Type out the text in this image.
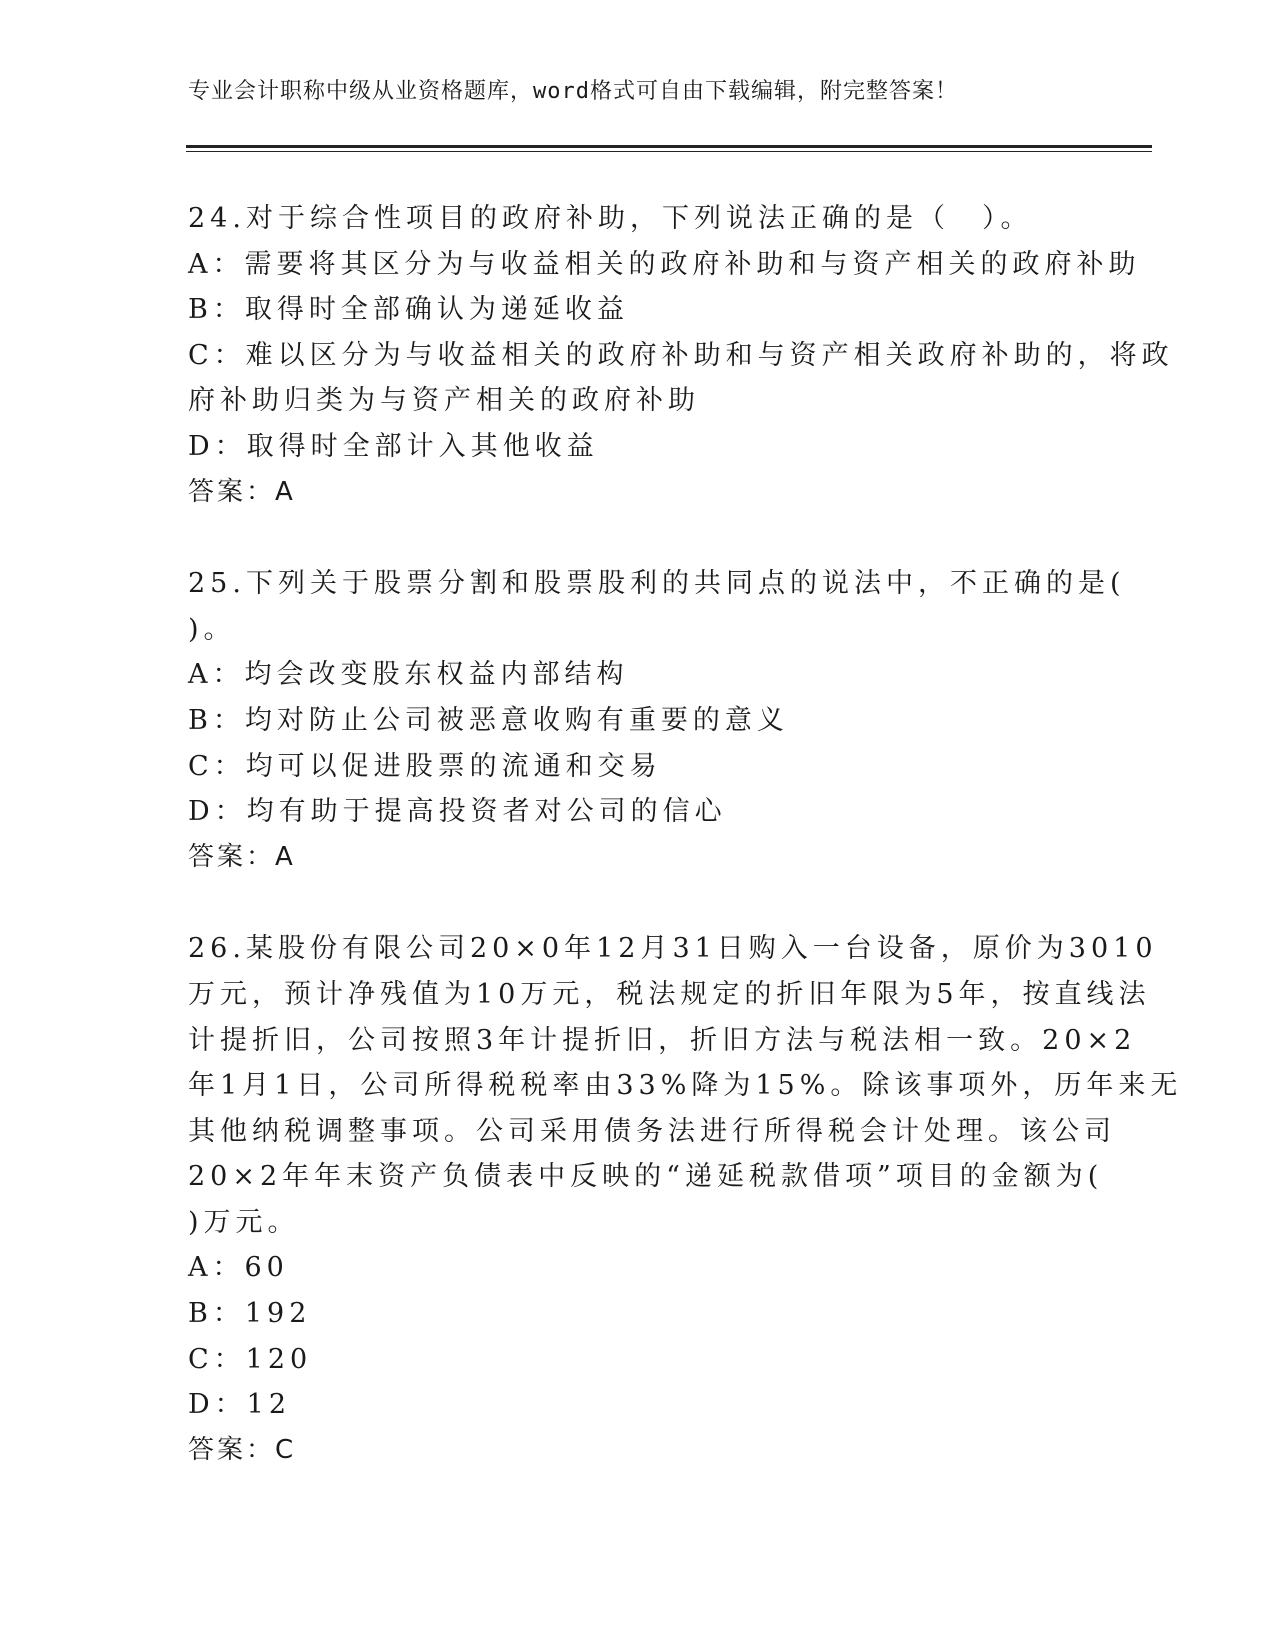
专业会计职称中级从业资格题库，word格式可自由下载编辑，附完整答案！
24.对于综合性项目的政府补助，下列说法正确的是（　）。
A：需要将其区分为与收益相关的政府补助和与资产相关的政府补助
B：取得时全部确认为递延收益
C：难以区分为与收益相关的政府补助和与资产相关政府补助的，将政
府补助归类为与资产相关的政府补助
D：取得时全部计入其他收益
答案：A
25.下列关于股票分割和股票股利的共同点的说法中，不正确的是(
)。
A：均会改变股东权益内部结构
B：均对防止公司被恶意收购有重要的意义
C：均可以促进股票的流通和交易
D：均有助于提高投资者对公司的信心
答案：A
26.某股份有限公司20×0年12月31日购入一台设备，原价为3010
万元，预计净残值为10万元，税法规定的折旧年限为5年，按直线法
计提折旧，公司按照3年计提折旧，折旧方法与税法相一致。20×2
年1月1日，公司所得税税率由33%降为15%。除该事项外，历年来无
其他纳税调整事项。公司采用债务法进行所得税会计处理。该公司
20×2年年末资产负债表中反映的“递延税款借项”项目的金额为(
)万元。
A：60
B：192
C：120
D：12
答案：C
